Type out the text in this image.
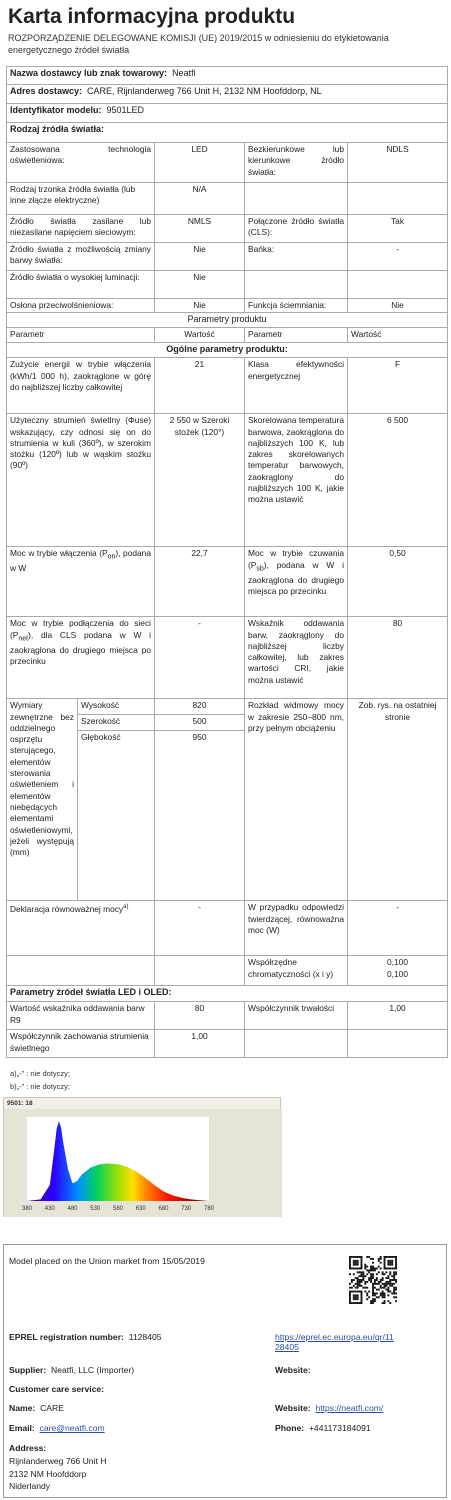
Karta informacyjna produktu
ROZPORZĄDZENIE DELEGOWANE KOMISJI (UE) 2019/2015 w odniesieniu do etykietowania energetycznego źródeł światła
Nazwa dostawcy lub znak towarowy: Neatfi				
Adres dostawcy: CARE, Rijnlanderweg 766 Unit H, 2132 NM Hoofddorp, NL				
Identyfikator modelu: 9501LED				
Rodzaj źródła światła:				
Zastosowana technologia oświetleniowa:		LED	Bezkierunkowe lub kierunkowe źródło światła:	NDLS
Rodzaj trzonka źródła światła (lub inne złącze elektryczne)		N/A		
Źródło światła zasilane lub niezasilane napięciem sieciowym:		NMLS	Połączone źródło światła (CLS):	Tak
Źródło światła z możliwością zmiany barwy światła:		Nie	Bańka:	-
Źródło światła o wysokiej luminacji:		Nie		
Osłona przeciwolśnieniowa:		Nie	Funkcja ściemniania:	Nie
Parametry produktu				
Parametr		Wartość	Parametr	Wartość
Ogólne parametry produktu:				
Zużycie energii w trybie włączenia (kWh/1 000 h), zaokrąglone w górę do najbliższej liczby całkowitej		21	Klasa efektywności energetycznej	F
Użyteczny strumień świetlny (Φuse) wskazujący, czy odnosi się on do strumienia w kuli (360º), w szerokim stożku (120º) lub w wąskim stożku (90º)		2 550 w Szeroki stożek (120°)	Skorelowana temperatura barwowa, zaokrąglona do najbliższych 100 K, lub zakres skorelowanych temperatur barwowych, zaokrąglony do najbliższych 100 K, jakie można ustawić	6 500
Moc w trybie włączenia $(P_{on})$, podana w W		22,7	Moc w trybie czuwania $(P_{sb})$, podana w W i zaokrąglona do drugiego miejsca po przecinku	0,50
Moc w trybie podłączenia do sieci $(P_{net})$, dla CLS podana w W i zaokrąglona do drugiego miejsca po przecinku		-	Wskaźnik oddawania barw, zaokrąglony do najbliższej liczby całkowitej, lub zakres wartości CRI, jakie można ustawić	80
Wymiary zewnętrzne bez oddzielnego osprzętu sterującego, elementów sterowania oświetleniem i elementów niebędących elementami oświetleniowymi, jeżeli występują (mm)	Wysokość	820	Rozkład widmowy mocy w zakresie 250–800 nm, przy pełnym obciążeniu	Zob. rys. na ostatniej stronie
	Szerokość	500		
	Głębokość	950		
Deklaracja równoważnej mocy$^{a)}$		-	W przypadku odpowiedzi twierdzącej, równoważna moc (W)	-
			Współrzędne chromatyczności (x i y)	0,100
0,100
Parametry źródeł światła LED i OLED:				
Wartość wskaźnika oddawania barw R9		80	Współczynnik trwałości	1,00
Współczynnik zachowania strumienia świetlnego		1,00		
a)„-” : nie dotyczy;
b)„-” : nie dotyczy;
9501: 18
380 430 480 530 580 630 680 730 780
Model placed on the Union market from 15/05/2019
EPREL registration number: 1128405	https://eprel.ec.europa.eu/qr/11
28405
Supplier: Neatfi, LLC (Importer)	Website:
Customer care service:
Name: CARE	Website: https://neatfi.com/
Email: care@neatfi.com	Phone: +441173184091
Address:
Rijnlanderweg 766 Unit H
2132 NM Hoofddorp
Niderlandy
